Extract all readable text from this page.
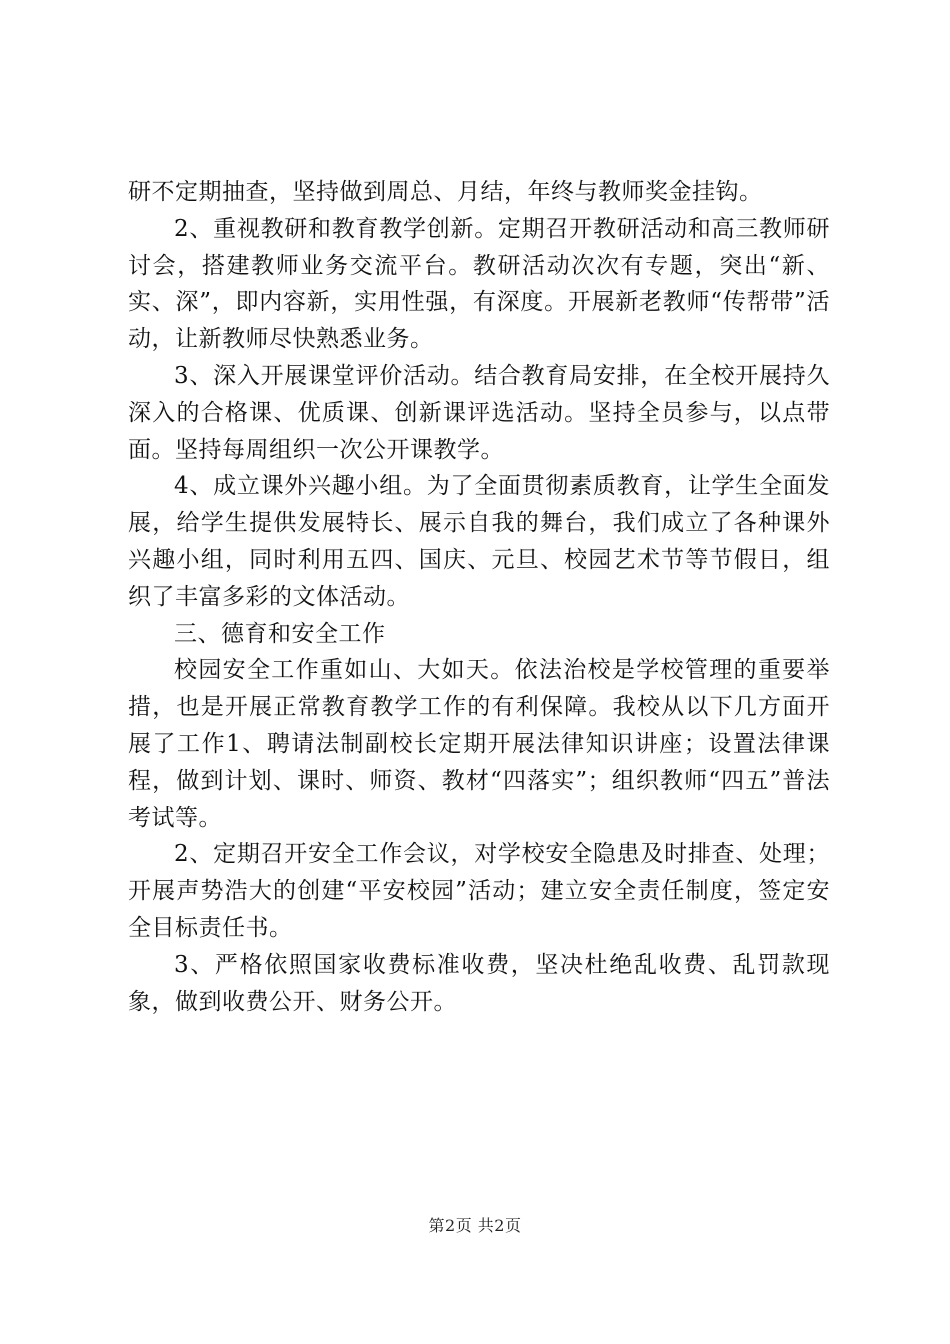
研不定期抽查，坚持做到周总、月结，年终与教师奖金挂钩。

2、重视教研和教育教学创新。定期召开教研活动和高三教师研讨会，搭建教师业务交流平台。教研活动次次有专题，突出“新、实、深”，即内容新，实用性强，有深度。开展新老教师“传帮带”活动，让新教师尽快熟悉业务。

3、深入开展课堂评价活动。结合教育局安排，在全校开展持久深入的合格课、优质课、创新课评选活动。坚持全员参与，以点带面。坚持每周组织一次公开课教学。

4、成立课外兴趣小组。为了全面贯彻素质教育，让学生全面发展，给学生提供发展特长、展示自我的舞台，我们成立了各种课外兴趣小组，同时利用五四、国庆、元旦、校园艺术节等节假日，组织了丰富多彩的文体活动。

三、德育和安全工作

校园安全工作重如山、大如天。依法治校是学校管理的重要举措，也是开展正常教育教学工作的有利保障。我校从以下几方面开展了工作1、聘请法制副校长定期开展法律知识讲座；设置法律课程，做到计划、课时、师资、教材“四落实”；组织教师“四五”普法考试等。

2、定期召开安全工作会议，对学校安全隐患及时排查、处理；开展声势浩大的创建“平安校园”活动；建立安全责任制度，签定安全目标责任书。

3、严格依照国家收费标准收费，坚决杜绝乱收费、乱罚款现象，做到收费公开、财务公开。

第2页 共2页
